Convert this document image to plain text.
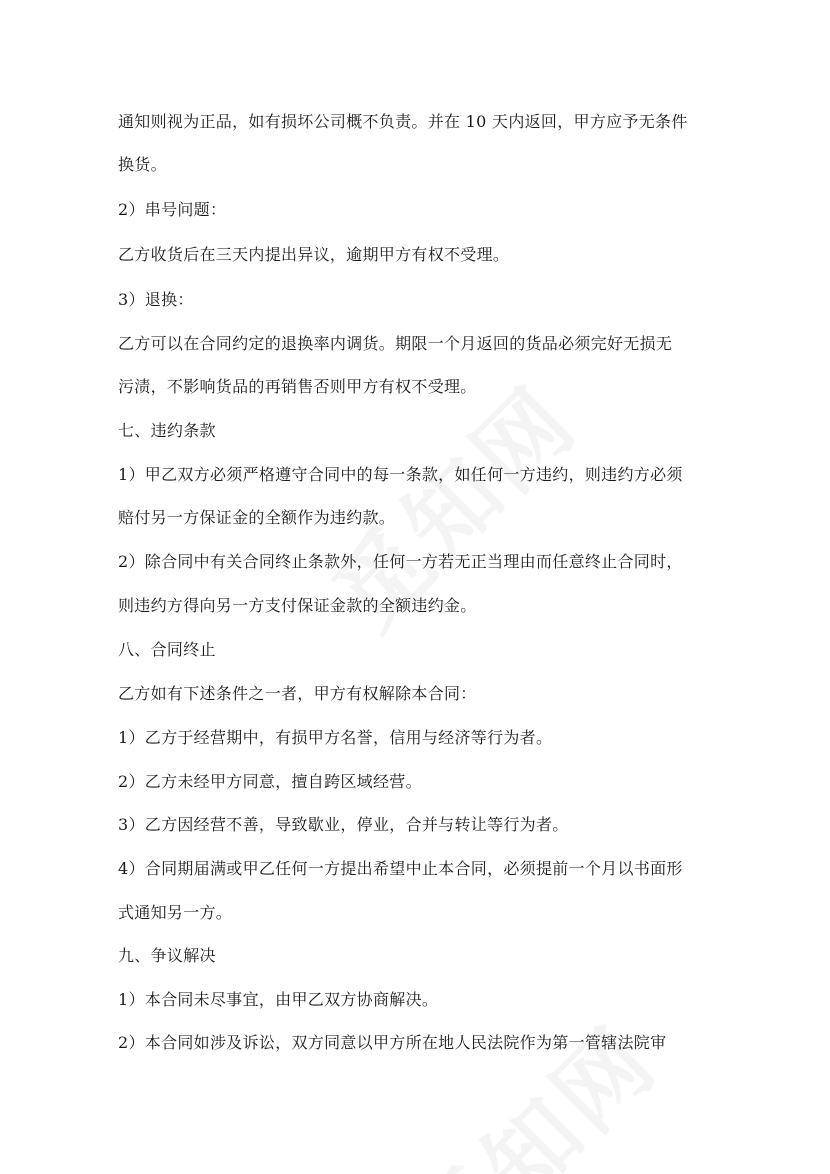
通知则视为正品，如有损坏公司概不负责。并在 10 天内返回，甲方应予无条件
换货。
2）串号问题：
乙方收货后在三天内提出异议，逾期甲方有权不受理。
3）退换：
乙方可以在合同约定的退换率内调货。期限一个月返回的货品必须完好无损无
污渍，不影响货品的再销售否则甲方有权不受理。
七、违约条款
1）甲乙双方必须严格遵守合同中的每一条款，如任何一方违约，则违约方必须
赔付另一方保证金的全额作为违约款。
2）除合同中有关合同终止条款外，任何一方若无正当理由而任意终止合同时，
则违约方得向另一方支付保证金款的全额违约金。
八、合同终止
乙方如有下述条件之一者，甲方有权解除本合同：
1）乙方于经营期中，有损甲方名誉，信用与经济等行为者。
2）乙方未经甲方同意，擅自跨区域经营。
3）乙方因经营不善，导致歇业，停业，合并与转让等行为者。
4）合同期届满或甲乙任何一方提出希望中止本合同，必须提前一个月以书面形
式通知另一方。
九、争议解决
1）本合同未尽事宜，由甲乙双方协商解决。
2）本合同如涉及诉讼，双方同意以甲方所在地人民法院作为第一管辖法院审
